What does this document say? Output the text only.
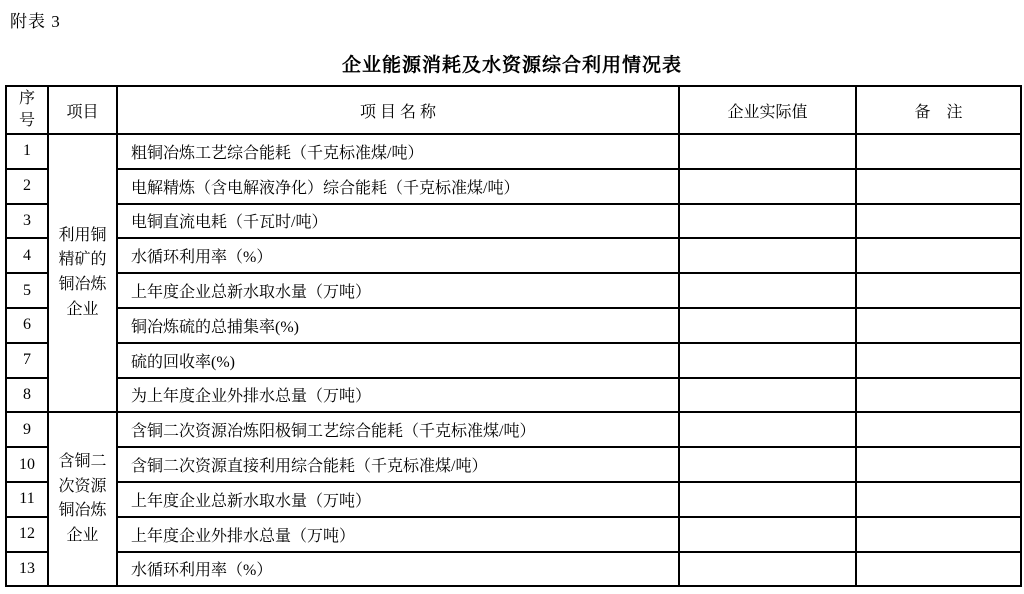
附表 3
企业能源消耗及水资源综合利用情况表
序号	项目	项 目 名 称	企业实际值	备　注
1	利用铜精矿的铜冶炼企业	粗铜冶炼工艺综合能耗（千克标准煤/吨）		
2		电解精炼（含电解液净化）综合能耗（千克标准煤/吨）		
3		电铜直流电耗（千瓦时/吨）		
4		水循环利用率（%）		
5		上年度企业总新水取水量（万吨）		
6		铜冶炼硫的总捕集率(%)		
7		硫的回收率(%)		
8		为上年度企业外排水总量（万吨）		
9	含铜二次资源铜冶炼企业	含铜二次资源冶炼阳极铜工艺综合能耗（千克标准煤/吨）		
10		含铜二次资源直接利用综合能耗（千克标准煤/吨）		
11		上年度企业总新水取水量（万吨）		
12		上年度企业外排水总量（万吨）		
13		水循环利用率（%）		
